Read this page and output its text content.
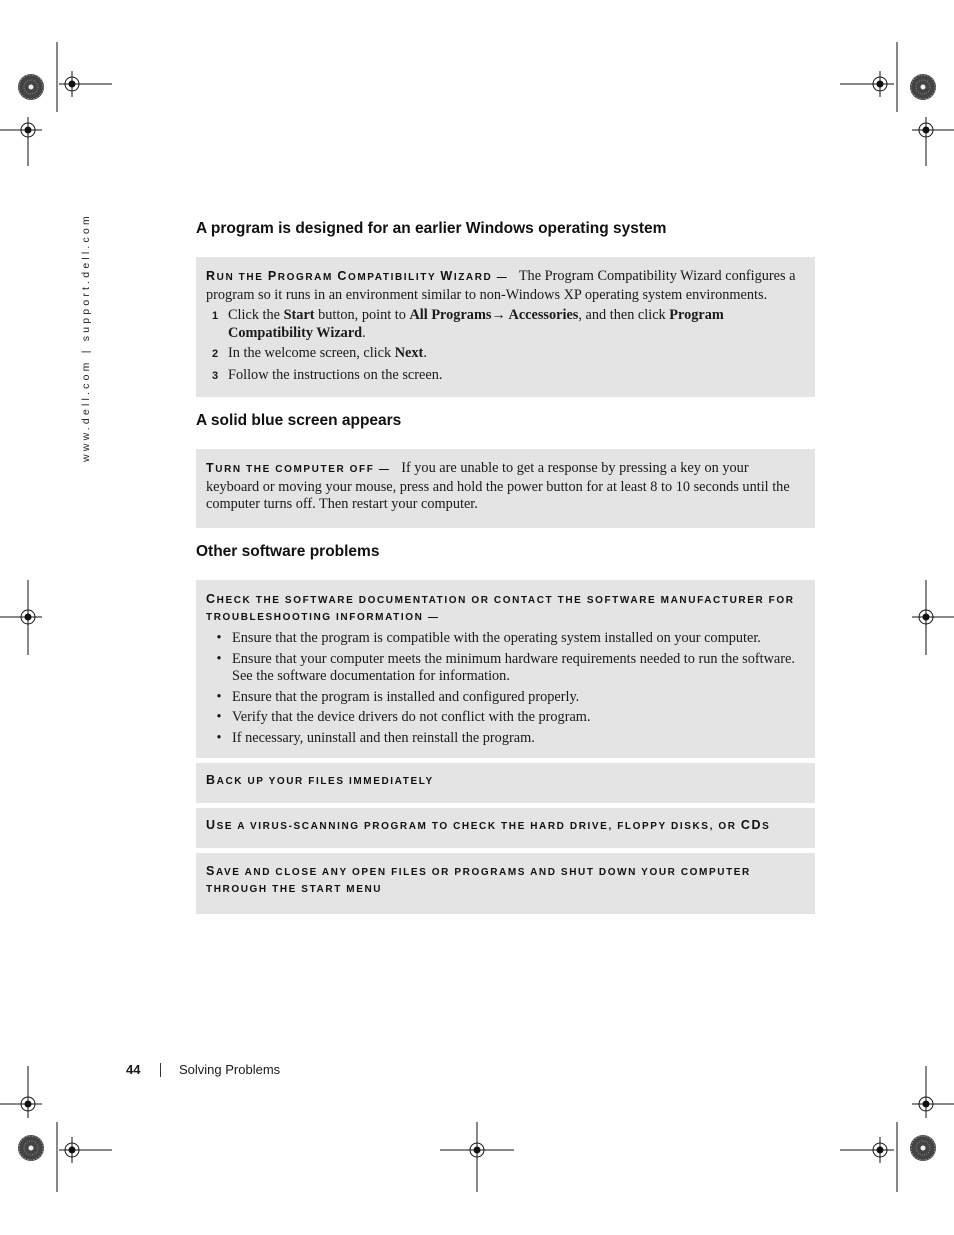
www.dell.com | support.dell.com	A program is designed for an earlier Windows operating system
RUN THE PROGRAM COMPATIBILITY WIZARD — The Program Compatibility Wizard configures a program so it runs in an environment similar to non-Windows XP operating system environments.
1 Click the Start button, point to All Programs→ Accessories, and then click Program Compatibility Wizard.
2 In the welcome screen, click Next.
3 Follow the instructions on the screen.
A solid blue screen appears
TURN THE COMPUTER OFF — If you are unable to get a response by pressing a key on your keyboard or moving your mouse, press and hold the power button for at least 8 to 10 seconds until the computer turns off. Then restart your computer.
Other software problems
CHECK THE SOFTWARE DOCUMENTATION OR CONTACT THE SOFTWARE MANUFACTURER FOR TROUBLESHOOTING INFORMATION —
• Ensure that the program is compatible with the operating system installed on your computer.
• Ensure that your computer meets the minimum hardware requirements needed to run the software. See the software documentation for information.
• Ensure that the program is installed and configured properly.
• Verify that the device drivers do not conflict with the program.
• If necessary, uninstall and then reinstall the program.
BACK UP YOUR FILES IMMEDIATELY
USE A VIRUS-SCANNING PROGRAM TO CHECK THE HARD DRIVE, FLOPPY DISKS, OR CDS
SAVE AND CLOSE ANY OPEN FILES OR PROGRAMS AND SHUT DOWN YOUR COMPUTER THROUGH THE START MENU
44	Solving Problems
